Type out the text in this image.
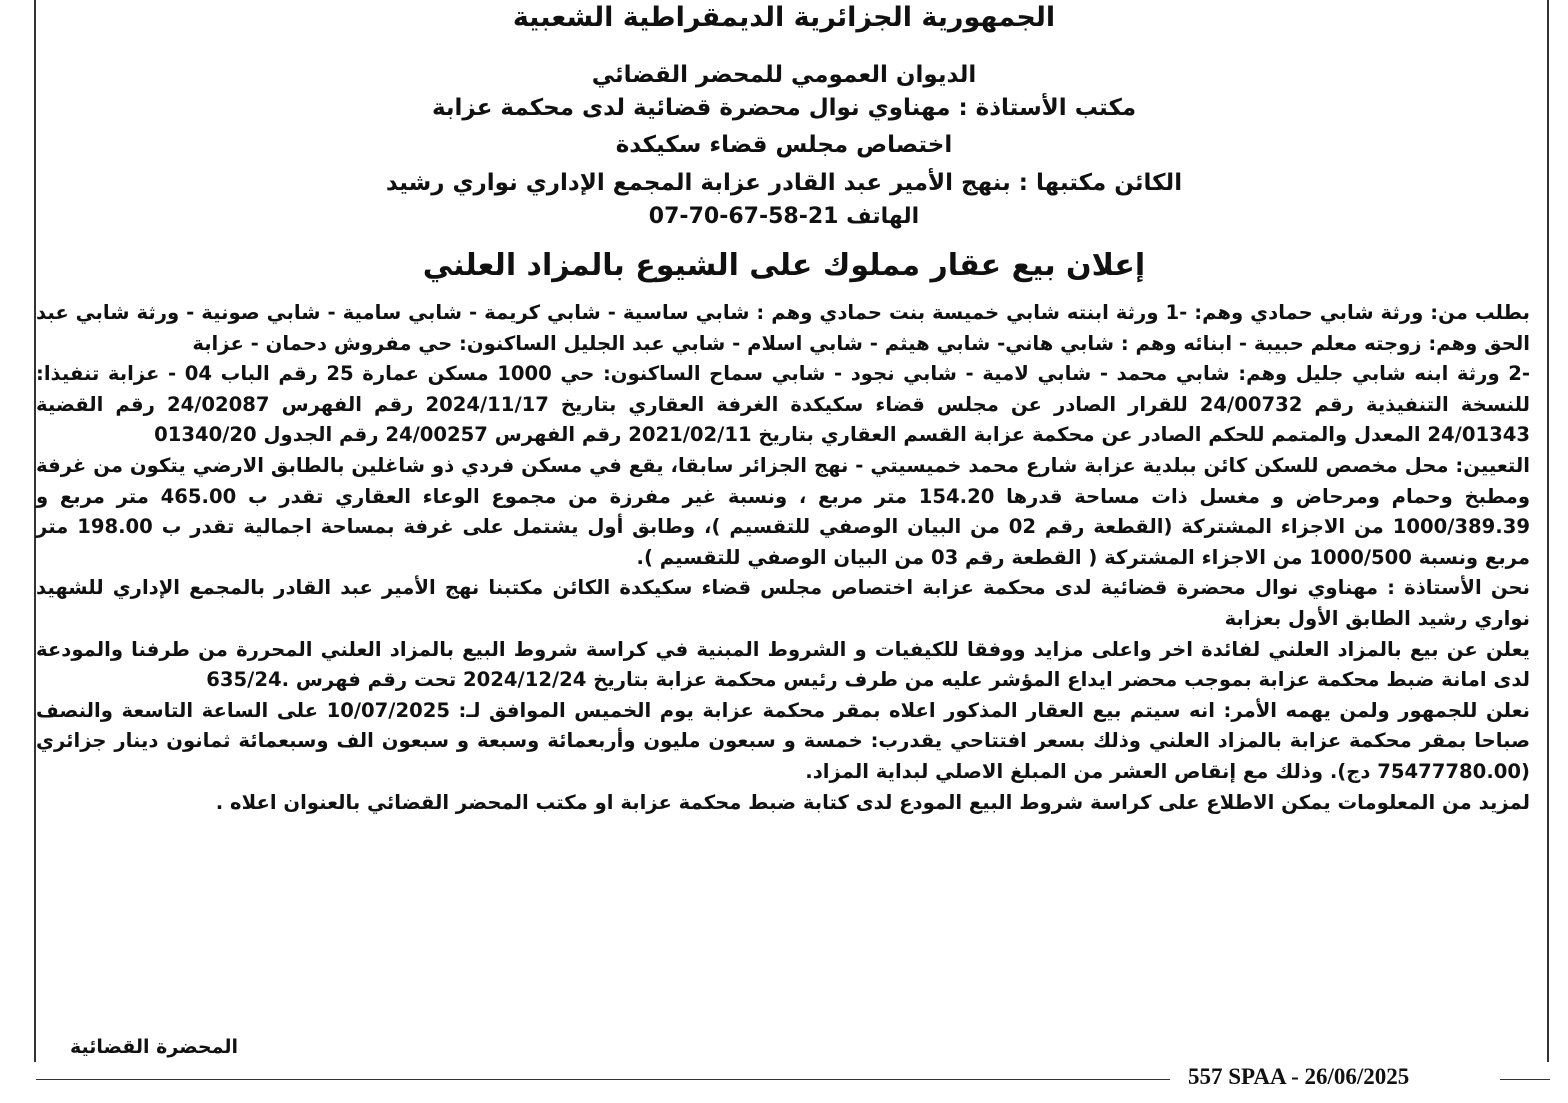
الجمهورية الجزائرية الديمقراطية الشعبية
الديوان العمومي للمحضر القضائي
مكتب الأستاذة : مهناوي نوال محضرة قضائية لدى محكمة عزابة
اختصاص مجلس قضاء سكيكدة
الكائن مكتبها : بنهج الأمير عبد القادر عزابة المجمع الإداري نواري رشيد
الهاتف 21-58-67-70-07
إعلان بيع عقار مملوك على الشيوع بالمزاد العلني

بطلب من: ورثة شابي حمادي وهم: -1 ورثة ابنته شابي خميسة بنت حمادي وهم : شابي ساسية - شابي كريمة - شابي سامية - شابي صونية - ورثة شابي عبد الحق وهم: زوجته معلم حبيبة - ابنائه وهم : شابي هاني- شابي هيثم - شابي اسلام - شابي عبد الجليل الساكنون: حي مفروش دحمان - عزابة

-2 ورثة ابنه شابي جليل وهم: شابي محمد - شابي لامية - شابي نجود - شابي سماح الساكنون: حي 1000 مسكن عمارة 25 رقم الباب 04 - عزابة تنفيذا: للنسخة التنفيذية رقم 24/00732 للقرار الصادر عن مجلس قضاء سكيكدة الغرفة العقاري بتاريخ 2024/11/17 رقم الفهرس 24/02087 رقم القضية 24/01343 المعدل والمتمم للحكم الصادر عن محكمة عزابة القسم العقاري بتاريخ 2021/02/11 رقم الفهرس 24/00257 رقم الجدول 01340/20

التعيين: محل مخصص للسكن كائن ببلدية عزابة شارع محمد خميسيتي - نهج الجزائر سابقا، يقع في مسكن فردي ذو شاغلين بالطابق الارضي يتكون من غرفة ومطبخ وحمام ومرحاض و مغسل ذات مساحة قدرها 154.20 متر مربع ، ونسبة غير مفرزة من مجموع الوعاء العقاري تقدر ب 465.00 متر مربع و 1000/389.39 من الاجزاء المشتركة (القطعة رقم 02 من البيان الوصفي للتقسيم )، وطابق أول يشتمل على غرفة بمساحة اجمالية تقدر ب 198.00 متر مربع ونسبة 1000/500 من الاجزاء المشتركة ( القطعة رقم 03 من البيان الوصفي للتقسيم ).

نحن الأستاذة : مهناوي نوال محضرة قضائية لدى محكمة عزابة اختصاص مجلس قضاء سكيكدة الكائن مكتبنا نهج الأمير عبد القادر بالمجمع الإداري للشهيد نواري رشيد الطابق الأول بعزابة

يعلن عن بيع بالمزاد العلني لفائدة اخر واعلى مزايد ووفقا للكيفيات و الشروط المبنية في كراسة شروط البيع بالمزاد العلني المحررة من طرفنا والمودعة لدى امانة ضبط محكمة عزابة بموجب محضر ايداع المؤشر عليه من طرف رئيس محكمة عزابة بتاريخ 2024/12/24 تحت رقم فهرس .635/24

نعلن للجمهور ولمن يهمه الأمر: انه سيتم بيع العقار المذكور اعلاه بمقر محكمة عزابة يوم الخميس الموافق لـ: 10/07/2025 على الساعة التاسعة والنصف صباحا بمقر محكمة عزابة بالمزاد العلني وذلك بسعر افتتاحي يقدرب: خمسة و سبعون مليون وأربعمائة وسبعة و سبعون الف وسبعمائة ثمانون دينار جزائري (75477780.00 دج). وذلك مع إنقاص العشر من المبلغ الاصلي لبداية المزاد.

لمزيد من المعلومات يمكن الاطلاع على كراسة شروط البيع المودع لدى كتابة ضبط محكمة عزابة او مكتب المحضر القضائي بالعنوان اعلاه .

المحضرة القضائية
557 SPAA - 26/06/2025
